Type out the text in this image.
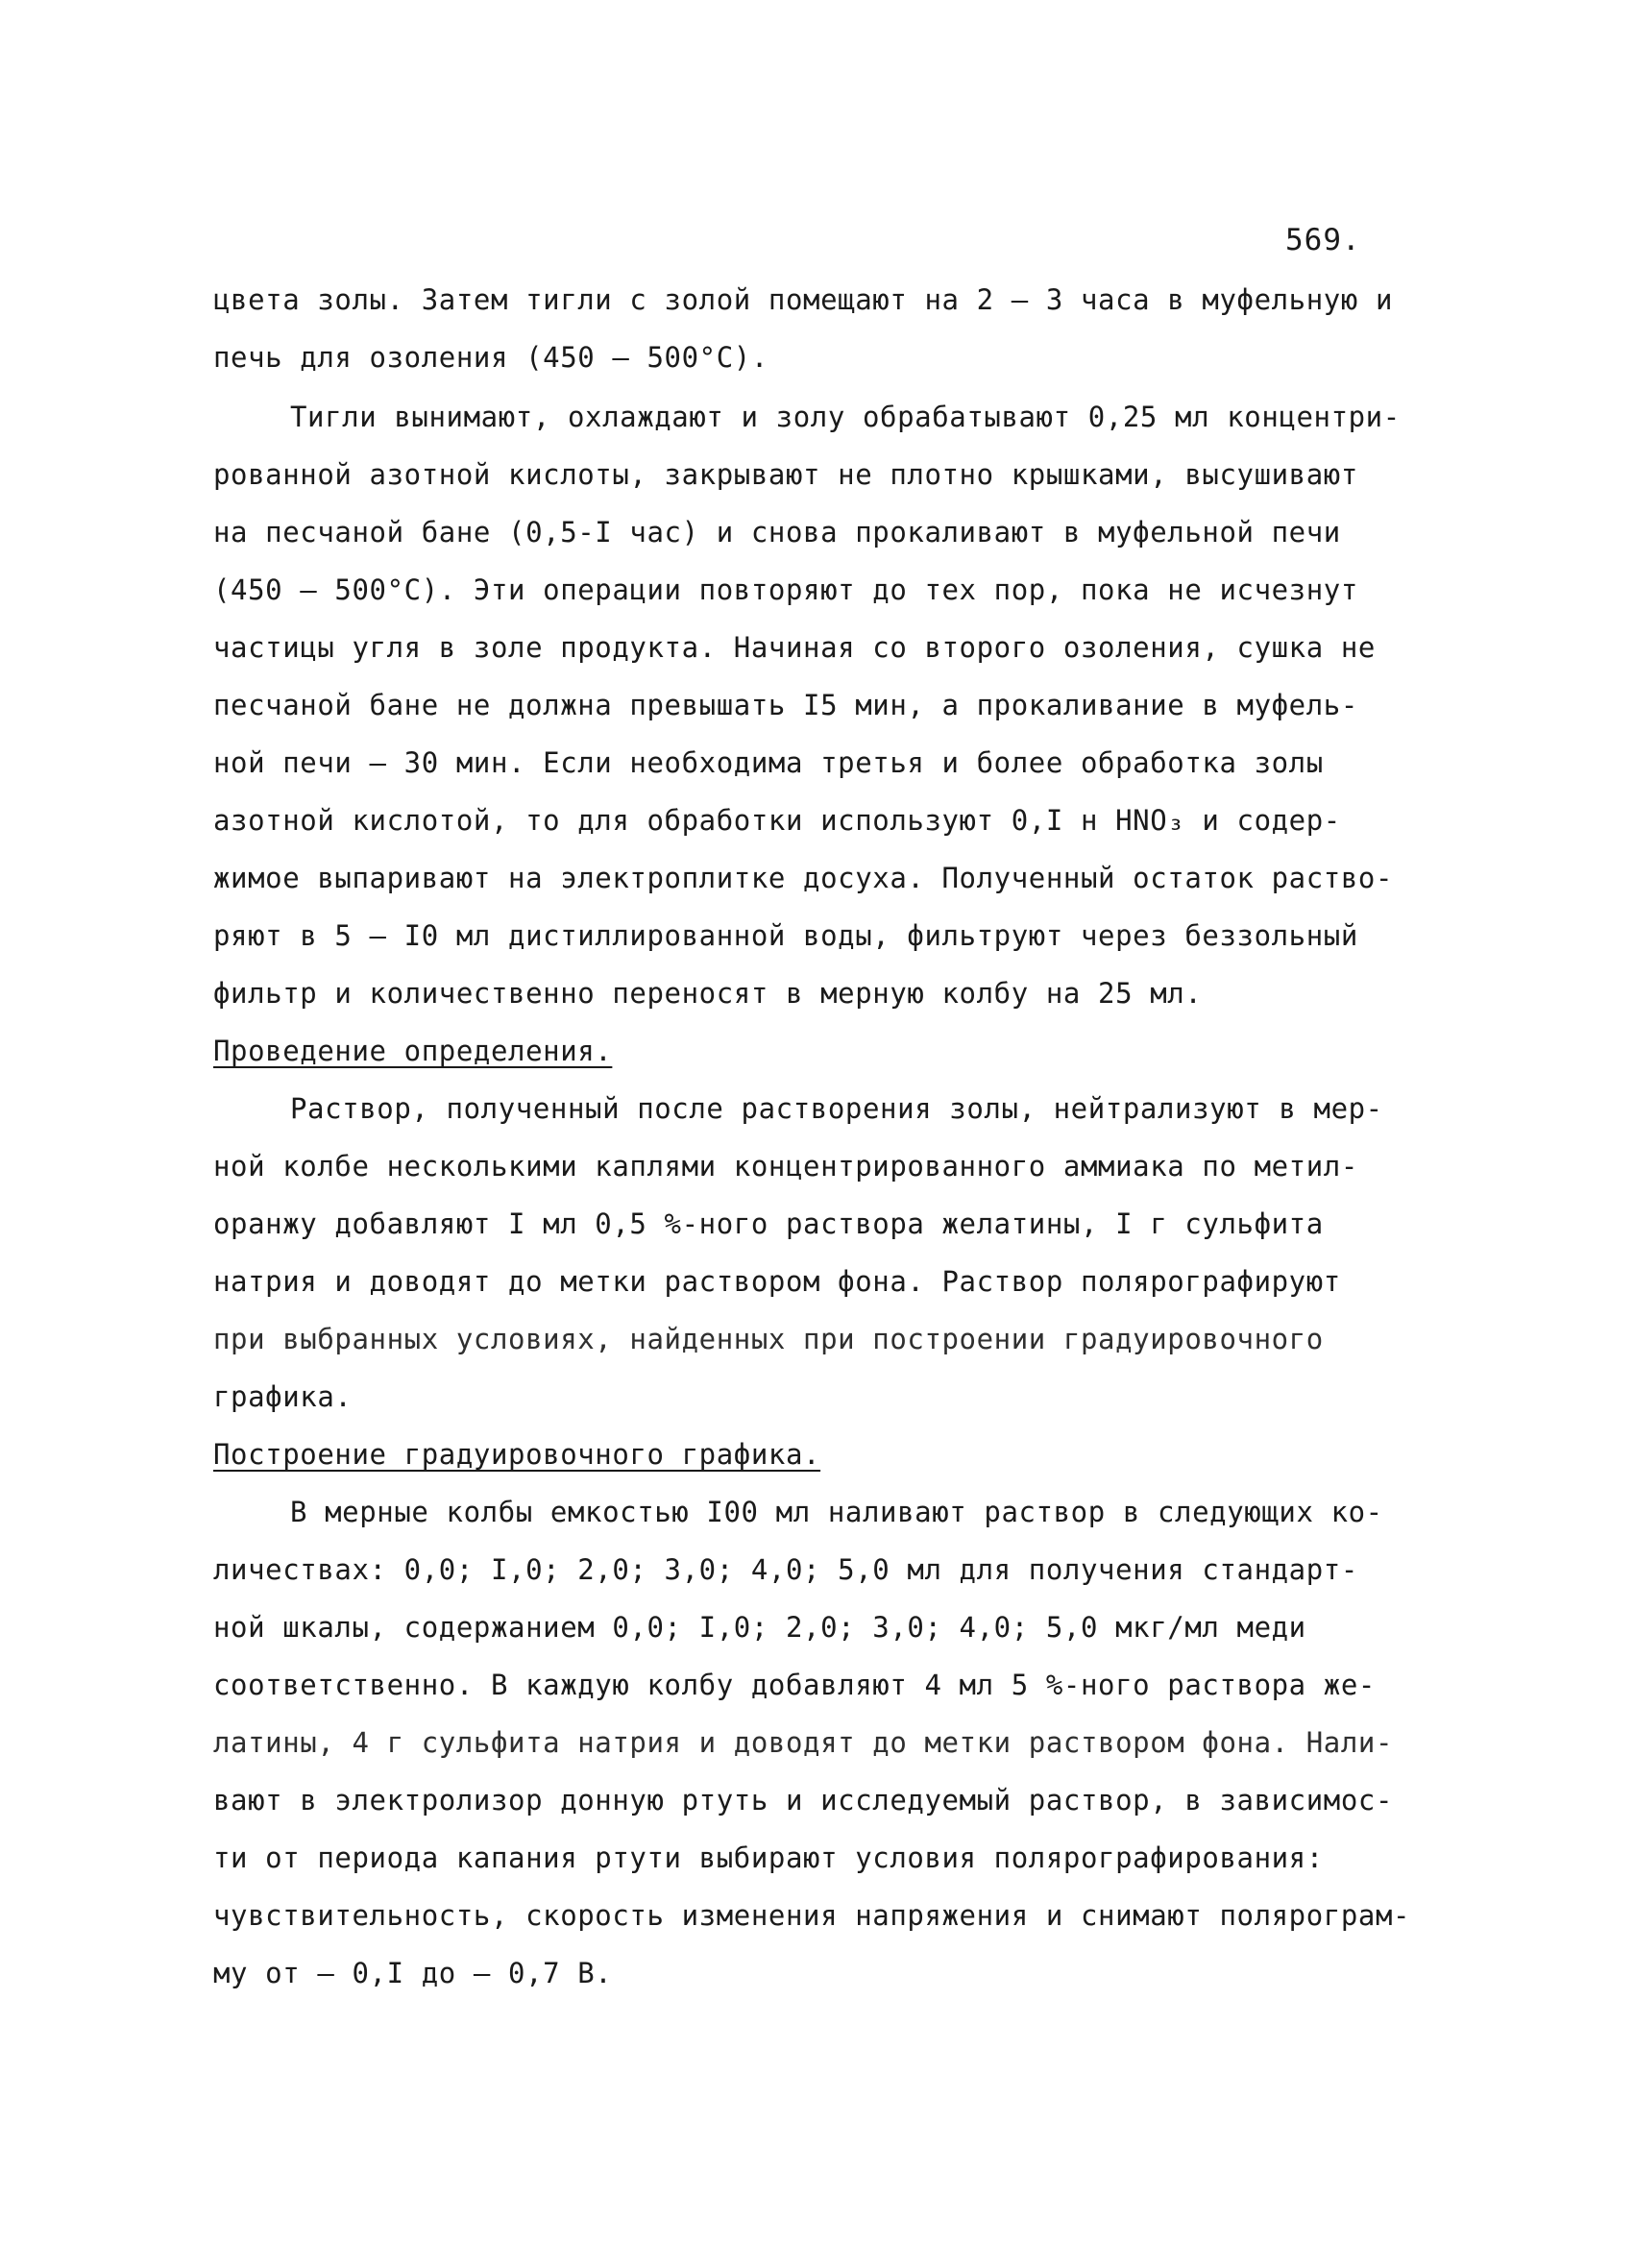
569.
цвета золы. Затем тигли с золой помещают на 2 – 3 часа в муфельную и
печь для озоления (450 – 500°С).
Тигли вынимают, охлаждают и золу обрабатывают 0,25 мл концентри-
рованной азотной кислоты, закрывают не плотно крышками, высушивают
на песчаной бане (0,5-I час) и снова прокаливают в муфельной печи
(450 – 500°С). Эти операции повторяют до тех пор, пока не исчезнут
частицы угля в золе продукта. Начиная со второго озоления, сушка не
песчаной бане не должна превышать I5 мин, а прокаливание в муфель-
ной печи – 30 мин. Если необходима третья и более обработка золы
азотной кислотой, то для обработки используют 0,I н HNO₃ и содер-
жимое выпаривают на электроплитке досуха. Полученный остаток раство-
ряют в 5 – I0 мл дистиллированной воды, фильтруют через беззольный
фильтр и количественно переносят в мерную колбу на 25 мл.
Проведение определения.
Раствор, полученный после растворения золы, нейтрализуют в мер-
ной колбе несколькими каплями концентрированного аммиака по метил-
оранжу добавляют I мл 0,5 %-ного раствора желатины, I г сульфита
натрия и доводят до метки раствором фона. Раствор полярографируют
при выбранных условиях, найденных при построении градуировочного
графика.
Построение градуировочного графика.
В мерные колбы емкостью I00 мл наливают раствор в следующих ко-
личествах: 0,0; I,0; 2,0; 3,0; 4,0; 5,0 мл для получения стандарт-
ной шкалы, содержанием 0,0; I,0; 2,0; 3,0; 4,0; 5,0 мкг/мл меди
соответственно. В каждую колбу добавляют 4 мл 5 %-ного раствора же-
латины, 4 г сульфита натрия и доводят до метки раствором фона. Нали-
вают в электролизор донную ртуть и исследуемый раствор, в зависимос-
ти от периода капания ртути выбирают условия полярографирования:
чувствительность, скорость изменения напряжения и снимают полярограм-
му от – 0,I до – 0,7 В.
